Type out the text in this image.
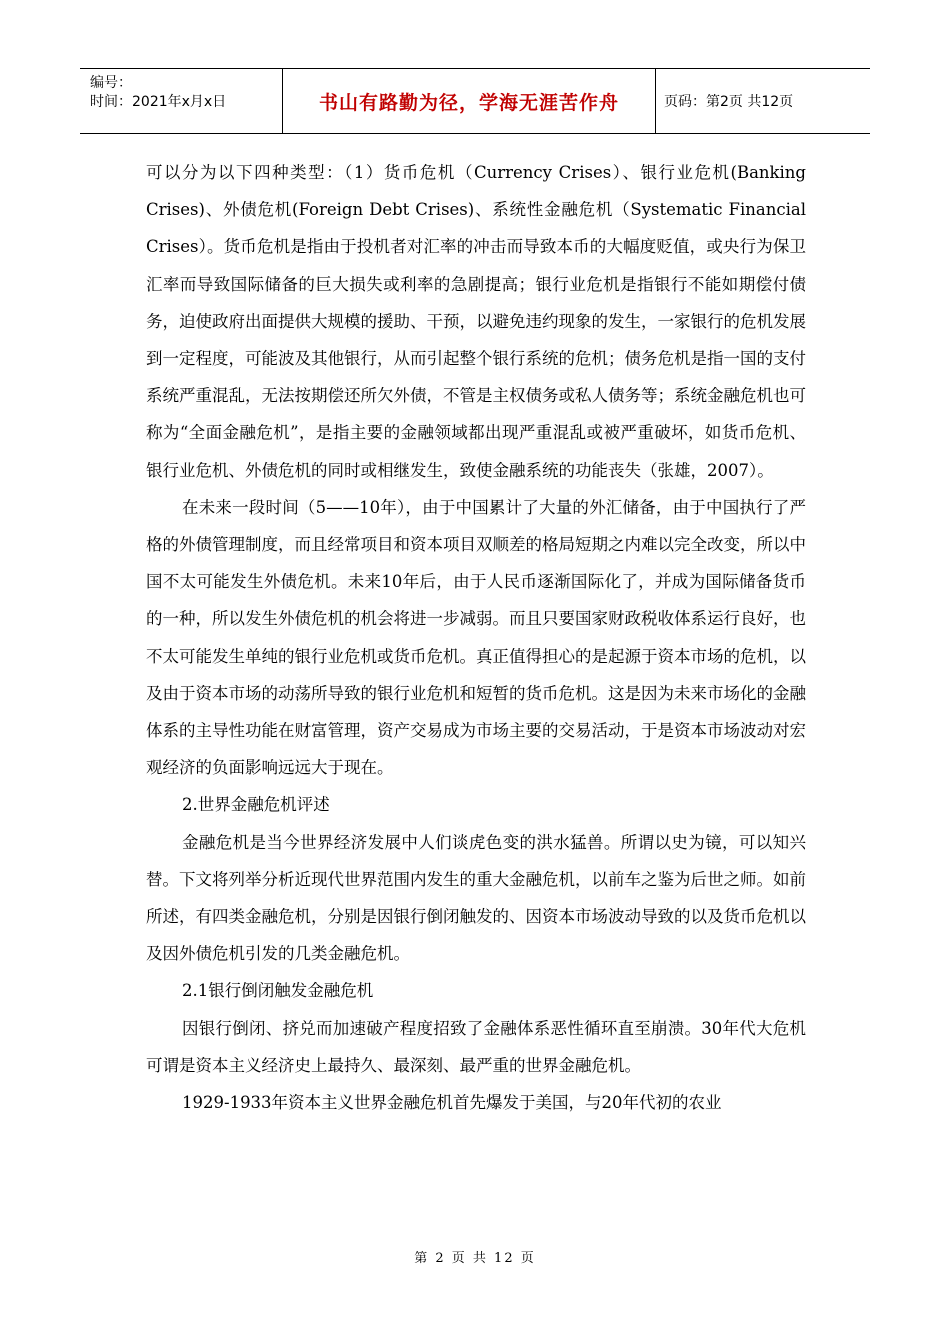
编号：
时间：2021年x月x日	书山有路勤为径，学海无涯苦作舟	页码：第2页 共12页

可以分为以下四种类型：（1）货币危机（Currency Crises）、银行业危机(Banking Crises)、外债危机(Foreign Debt Crises)、系统性金融危机（Systematic Financial Crises）。货币危机是指由于投机者对汇率的冲击而导致本币的大幅度贬值，或央行为保卫汇率而导致国际储备的巨大损失或利率的急剧提高；银行业危机是指银行不能如期偿付债务，迫使政府出面提供大规模的援助、干预，以避免违约现象的发生，一家银行的危机发展到一定程度，可能波及其他银行，从而引起整个银行系统的危机；债务危机是指一国的支付系统严重混乱，无法按期偿还所欠外债，不管是主权债务或私人债务等；系统金融危机也可称为“全面金融危机”，是指主要的金融领域都出现严重混乱或被严重破坏，如货币危机、银行业危机、外债危机的同时或相继发生，致使金融系统的功能丧失（张雄，2007）。

在未来一段时间（5——10年），由于中国累计了大量的外汇储备，由于中国执行了严格的外债管理制度，而且经常项目和资本项目双顺差的格局短期之内难以完全改变，所以中国不太可能发生外债危机。未来10年后，由于人民币逐渐国际化了，并成为国际储备货币的一种，所以发生外债危机的机会将进一步减弱。而且只要国家财政税收体系运行良好，也不太可能发生单纯的银行业危机或货币危机。真正值得担心的是起源于资本市场的危机，以及由于资本市场的动荡所导致的银行业危机和短暂的货币危机。这是因为未来市场化的金融体系的主导性功能在财富管理，资产交易成为市场主要的交易活动，于是资本市场波动对宏观经济的负面影响远远大于现在。

2.世界金融危机评述

金融危机是当今世界经济发展中人们谈虎色变的洪水猛兽。所谓以史为镜，可以知兴替。下文将列举分析近现代世界范围内发生的重大金融危机，以前车之鉴为后世之师。如前所述，有四类金融危机，分别是因银行倒闭触发的、因资本市场波动导致的以及货币危机以及因外债危机引发的几类金融危机。

2.1银行倒闭触发金融危机

因银行倒闭、挤兑而加速破产程度招致了金融体系恶性循环直至崩溃。30年代大危机可谓是资本主义经济史上最持久、最深刻、最严重的世界金融危机。

1929-1933年资本主义世界金融危机首先爆发于美国，与20年代初的农业

第 2 页 共 12 页
